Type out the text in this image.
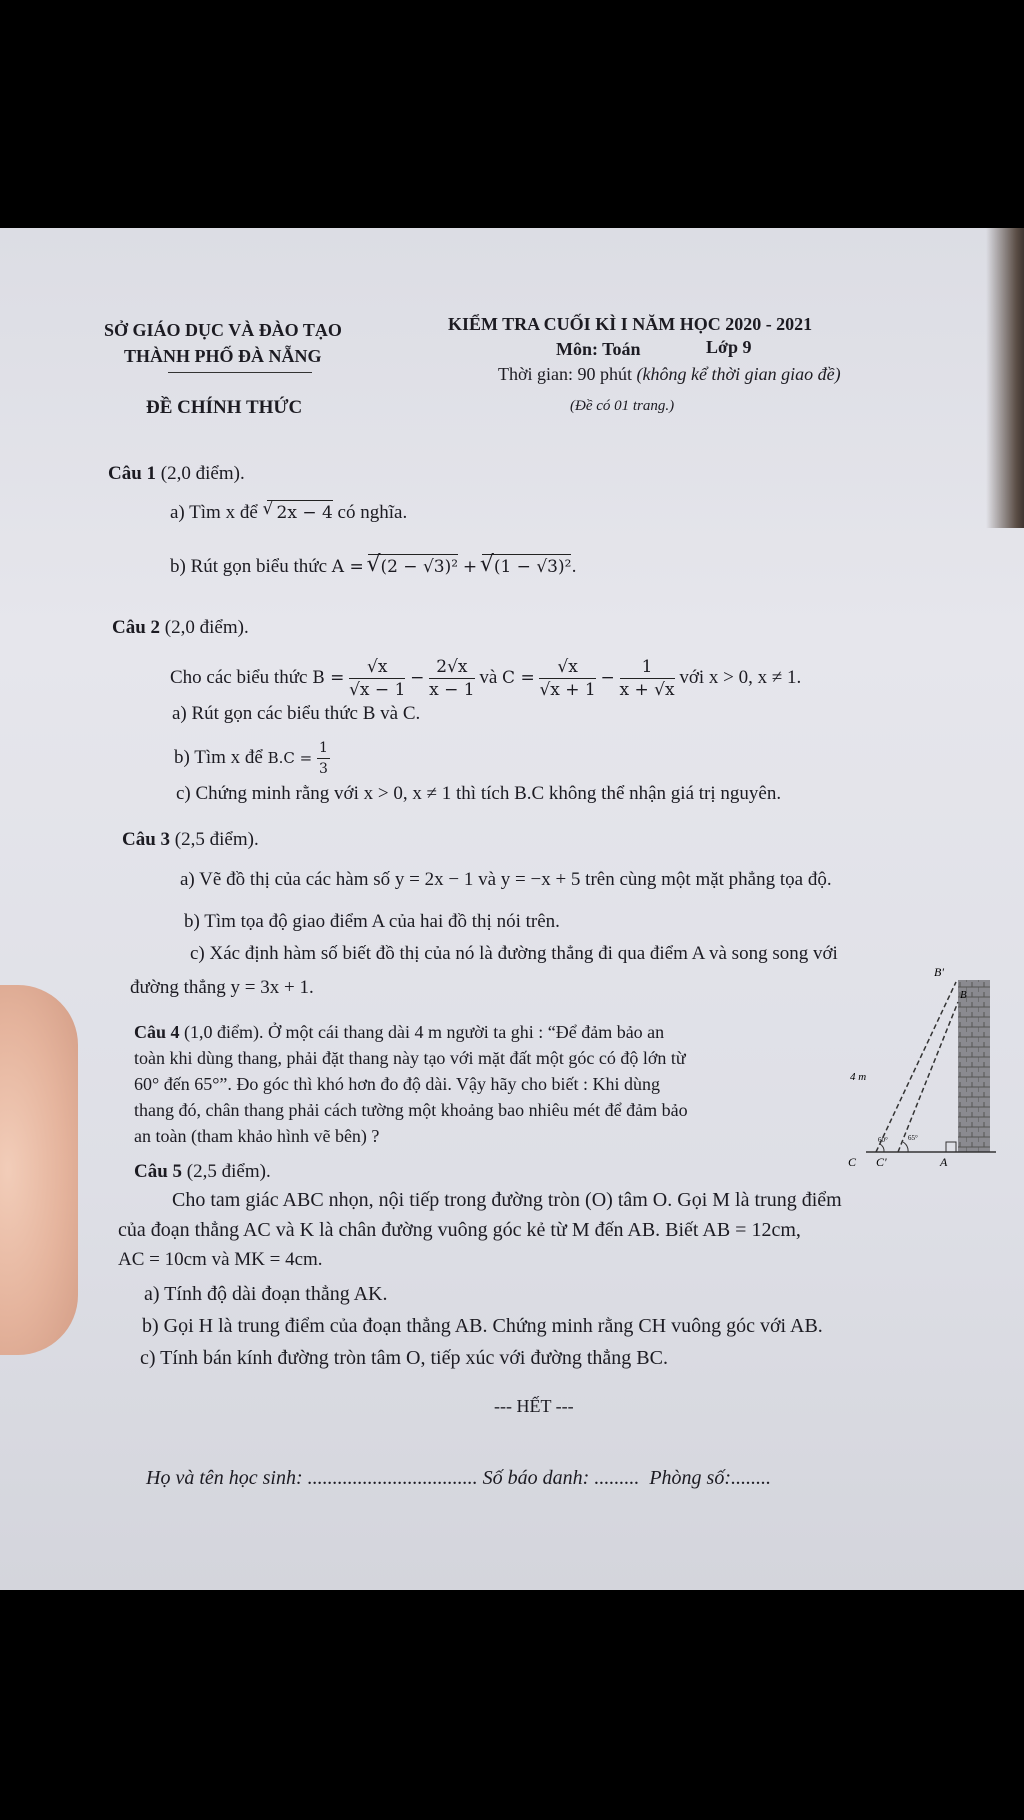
SỞ GIÁO DỤC VÀ ĐÀO TẠO
THÀNH PHỐ ĐÀ NẴNG
ĐỀ CHÍNH THỨC
KIỂM TRA CUỐI KÌ I NĂM HỌC 2020 - 2021
Môn: Toán	Lớp 9
Thời gian: 90 phút (không kể thời gian giao đề)
(Đề có 01 trang.)
Câu 1 (2,0 điểm).
a) Tìm x để √ 2x − 4 có nghĩa.
b) Rút gọn biểu thức A = √ (2 − √3)² + √ (1 − √3)².
Câu 2 (2,0 điểm).
Cho các biểu thức $B = \frac{√x}{√x - 1} - \frac{2√x}{x - 1}$ và $C = \frac{√x}{√x + 1} - \frac{1}{x + √x}$ với x > 0, x ≠ 1.
a) Rút gọn các biểu thức B và C.
b) Tìm x để $B.C = \frac{1}{3}$
c) Chứng minh rằng với x > 0, x ≠ 1 thì tích B.C không thể nhận giá trị nguyên.
Câu 3 (2,5 điểm).
a) Vẽ đồ thị của các hàm số y = 2x − 1 và y = −x + 5 trên cùng một mặt phẳng tọa độ.
b) Tìm tọa độ giao điểm A của hai đồ thị nói trên.
c) Xác định hàm số biết đồ thị của nó là đường thẳng đi qua điểm A và song song với
đường thẳng y = 3x + 1.
Câu 4 (1,0 điểm). Ở một cái thang dài 4 m người ta ghi : “Để đảm bảo an
toàn khi dùng thang, phải đặt thang này tạo với mặt đất một góc có độ lớn từ
60° đến 65°”. Đo góc thì khó hơn đo độ dài. Vậy hãy cho biết : Khi dùng
thang đó, chân thang phải cách tường một khoảng bao nhiêu mét để đảm bảo
an toàn (tham khảo hình vẽ bên) ?
B'
B
4 m
60°	65°
C C'	A
Câu 5 (2,5 điểm).
Cho tam giác ABC nhọn, nội tiếp trong đường tròn (O) tâm O. Gọi M là trung điểm
của đoạn thẳng AC và K là chân đường vuông góc kẻ từ M đến AB. Biết AB = 12cm,
AC = 10cm và MK = 4cm.
a) Tính độ dài đoạn thẳng AK.
b) Gọi H là trung điểm của đoạn thẳng AB. Chứng minh rằng CH vuông góc với AB.
c) Tính bán kính đường tròn tâm O, tiếp xúc với đường thẳng BC.
--- HẾT ---
Họ và tên học sinh: .................................. Số báo danh: ......... Phòng số:........
